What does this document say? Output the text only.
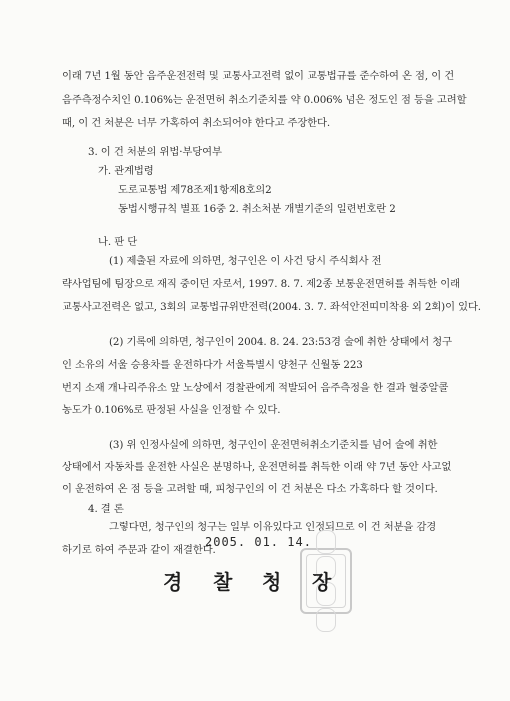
이래 7년 1월 동안 음주운전전력 및 교통사고전력 없이 교통법규를 준수하여 온 점, 이 건
음주측정수치인 0.106%는 운전면허 취소기준치를 약 0.006% 넘은 정도인 점 등을 고려할
때, 이 건 처분은 너무 가혹하여 취소되어야 한다고 주장한다.
3. 이 건 처분의 위법·부당여부
가. 관계법령
도로교통법 제78조제1항제8호의2
동법시행규칙 별표 16중 2. 취소처분 개별기준의 일련번호란 2
나. 판 단
(1) 제출된 자료에 의하면, 청구인은 이 사건 당시 주식회사 전
략사업팀에 팀장으로 재직 중이던 자로서, 1997. 8. 7. 제2종 보통운전면허를 취득한 이래
교통사고전력은 없고, 3회의 교통법규위반전력(2004. 3. 7. 좌석안전띠미착용 외 2회)이 있다.
(2) 기록에 의하면, 청구인이 2004. 8. 24. 23:53경 술에 취한 상태에서 청구
인 소유의 서울 승용차를 운전하다가 서울특별시 양천구 신월동 223
번지 소재 개나리주유소 앞 노상에서 경찰관에게 적발되어 음주측정을 한 결과 혈중알콜
농도가 0.106%로 판정된 사실을 인정할 수 있다.
(3) 위 인정사실에 의하면, 청구인이 운전면허취소기준치를 넘어 술에 취한
상태에서 자동차를 운전한 사실은 분명하나, 운전면허를 취득한 이래 약 7년 동안 사고없
이 운전하여 온 점 등을 고려할 때, 피청구인의 이 건 처분은 다소 가혹하다 할 것이다.
4. 결 론
그렇다면, 청구인의 청구는 일부 이유있다고 인정되므로 이 건 처분을 감경
하기로 하여 주문과 같이 재결한다.
2005. 01. 14.
경 찰 청 장
